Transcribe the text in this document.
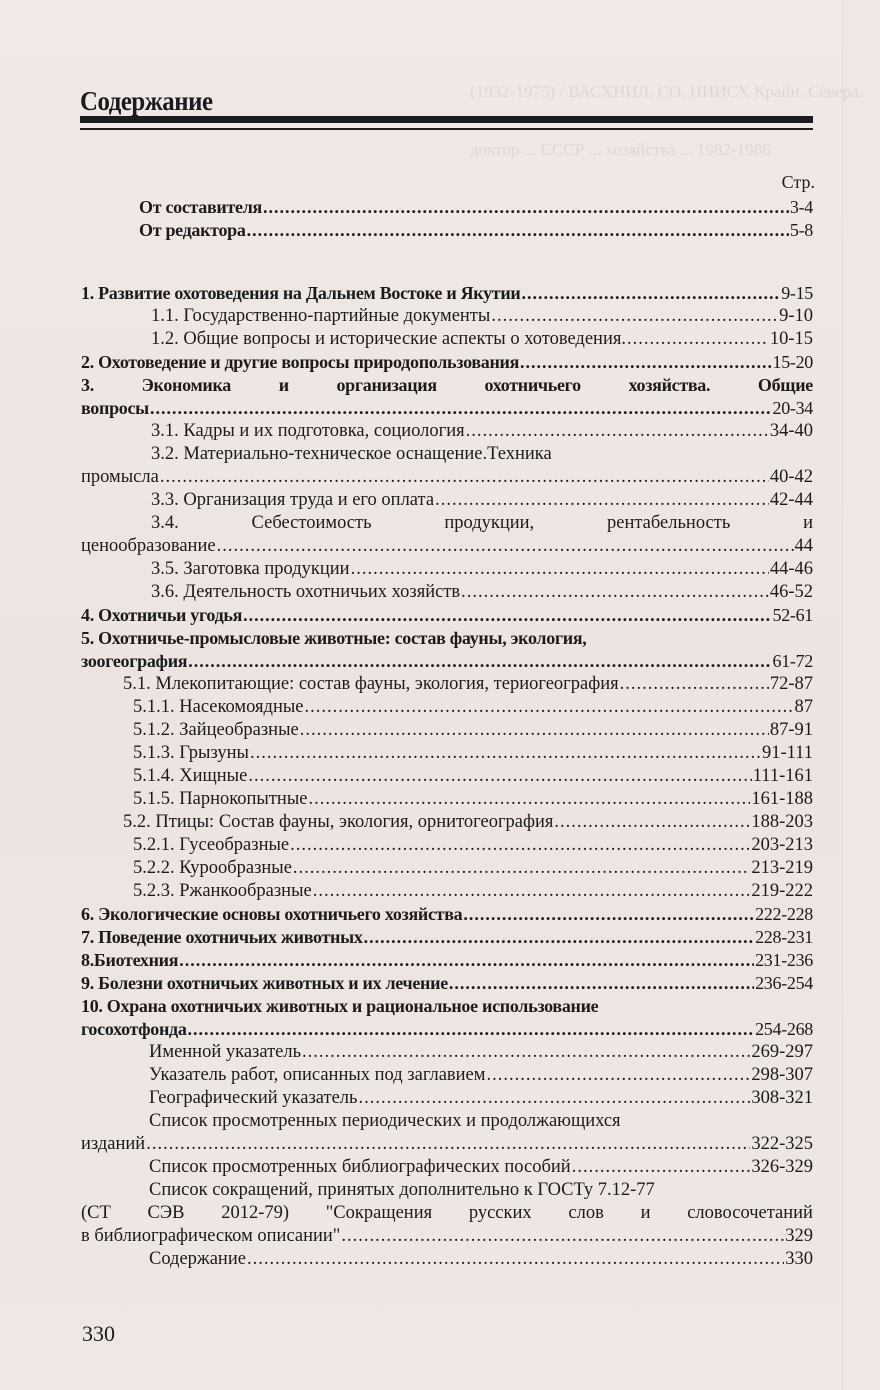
Содержание
Стр.
От составителя .....	3-4
От редактора .....	5-8
1. Развитие охотоведения на Дальнем Востоке и Якутии .....	9-15
1.1. Государственно-партийные документы .....	9-10
1.2. Общие вопросы и исторические аспекты о хотоведения. .....	10-15
2. Охотоведение и другие вопросы природопользования .....	15-20
3.	Экономика	и	организация	охотничьего	хозяйства.	Общие
вопросы .....	20-34
3.1. Кадры и их подготовка, социология .....	34-40
3.2. Материально-техническое оснащение.Техника
промысла .....	40-42
3.3. Организация труда и его оплата .....	42-44
3.4.	Себестоимость	продукции,	рентабельность	и
ценообразование .....	44
3.5. Заготовка продукции .....	44-46
3.6. Деятельность охотничьих хозяйств .....	46-52
4. Охотничьи угодья .....	52-61
5. Охотничье-промысловые животные: состав фауны, экология,
зоогеография .....	61-72
5.1. Млекопитающие: состав фауны, экология, териогеография .....	72-87
5.1.1. Насекомоядные .....	87
5.1.2. Зайцеобразные .....	87-91
5.1.3. Грызуны .....	91-111
5.1.4. Хищные .....	111-161
5.1.5. Парнокопытные .....	161-188
5.2. Птицы: Состав фауны, экология, орнитогеография .....	188-203
5.2.1. Гусеобразные .....	203-213
5.2.2. Курообразные .....	213-219
5.2.3. Ржанкообразные .....	219-222
6. Экологические основы охотничьего хозяйства .....	222-228
7. Поведение охотничьих животных .....	228-231
8.Биотехния .....	231-236
9. Болезни охотничьих животных и их лечение .....	236-254
10. Охрана охотничьих животных и рациональное использование
госохотфонда .....	254-268
Именной указатель .....	269-297
Указатель работ, описанных под заглавием .....	298-307
Географический указатель .....	308-321
Список просмотренных периодических и продолжающихся
изданий .....	322-325
Список просмотренных библиографических пособий .....	326-329
Список сокращений, принятых дополнительно к ГОСТу 7.12-77
(СТ СЭВ 2012-79) "Сокращения русских слов и словосочетаний
в библиографическом описании" .....	329
Содержание .....	330
330
